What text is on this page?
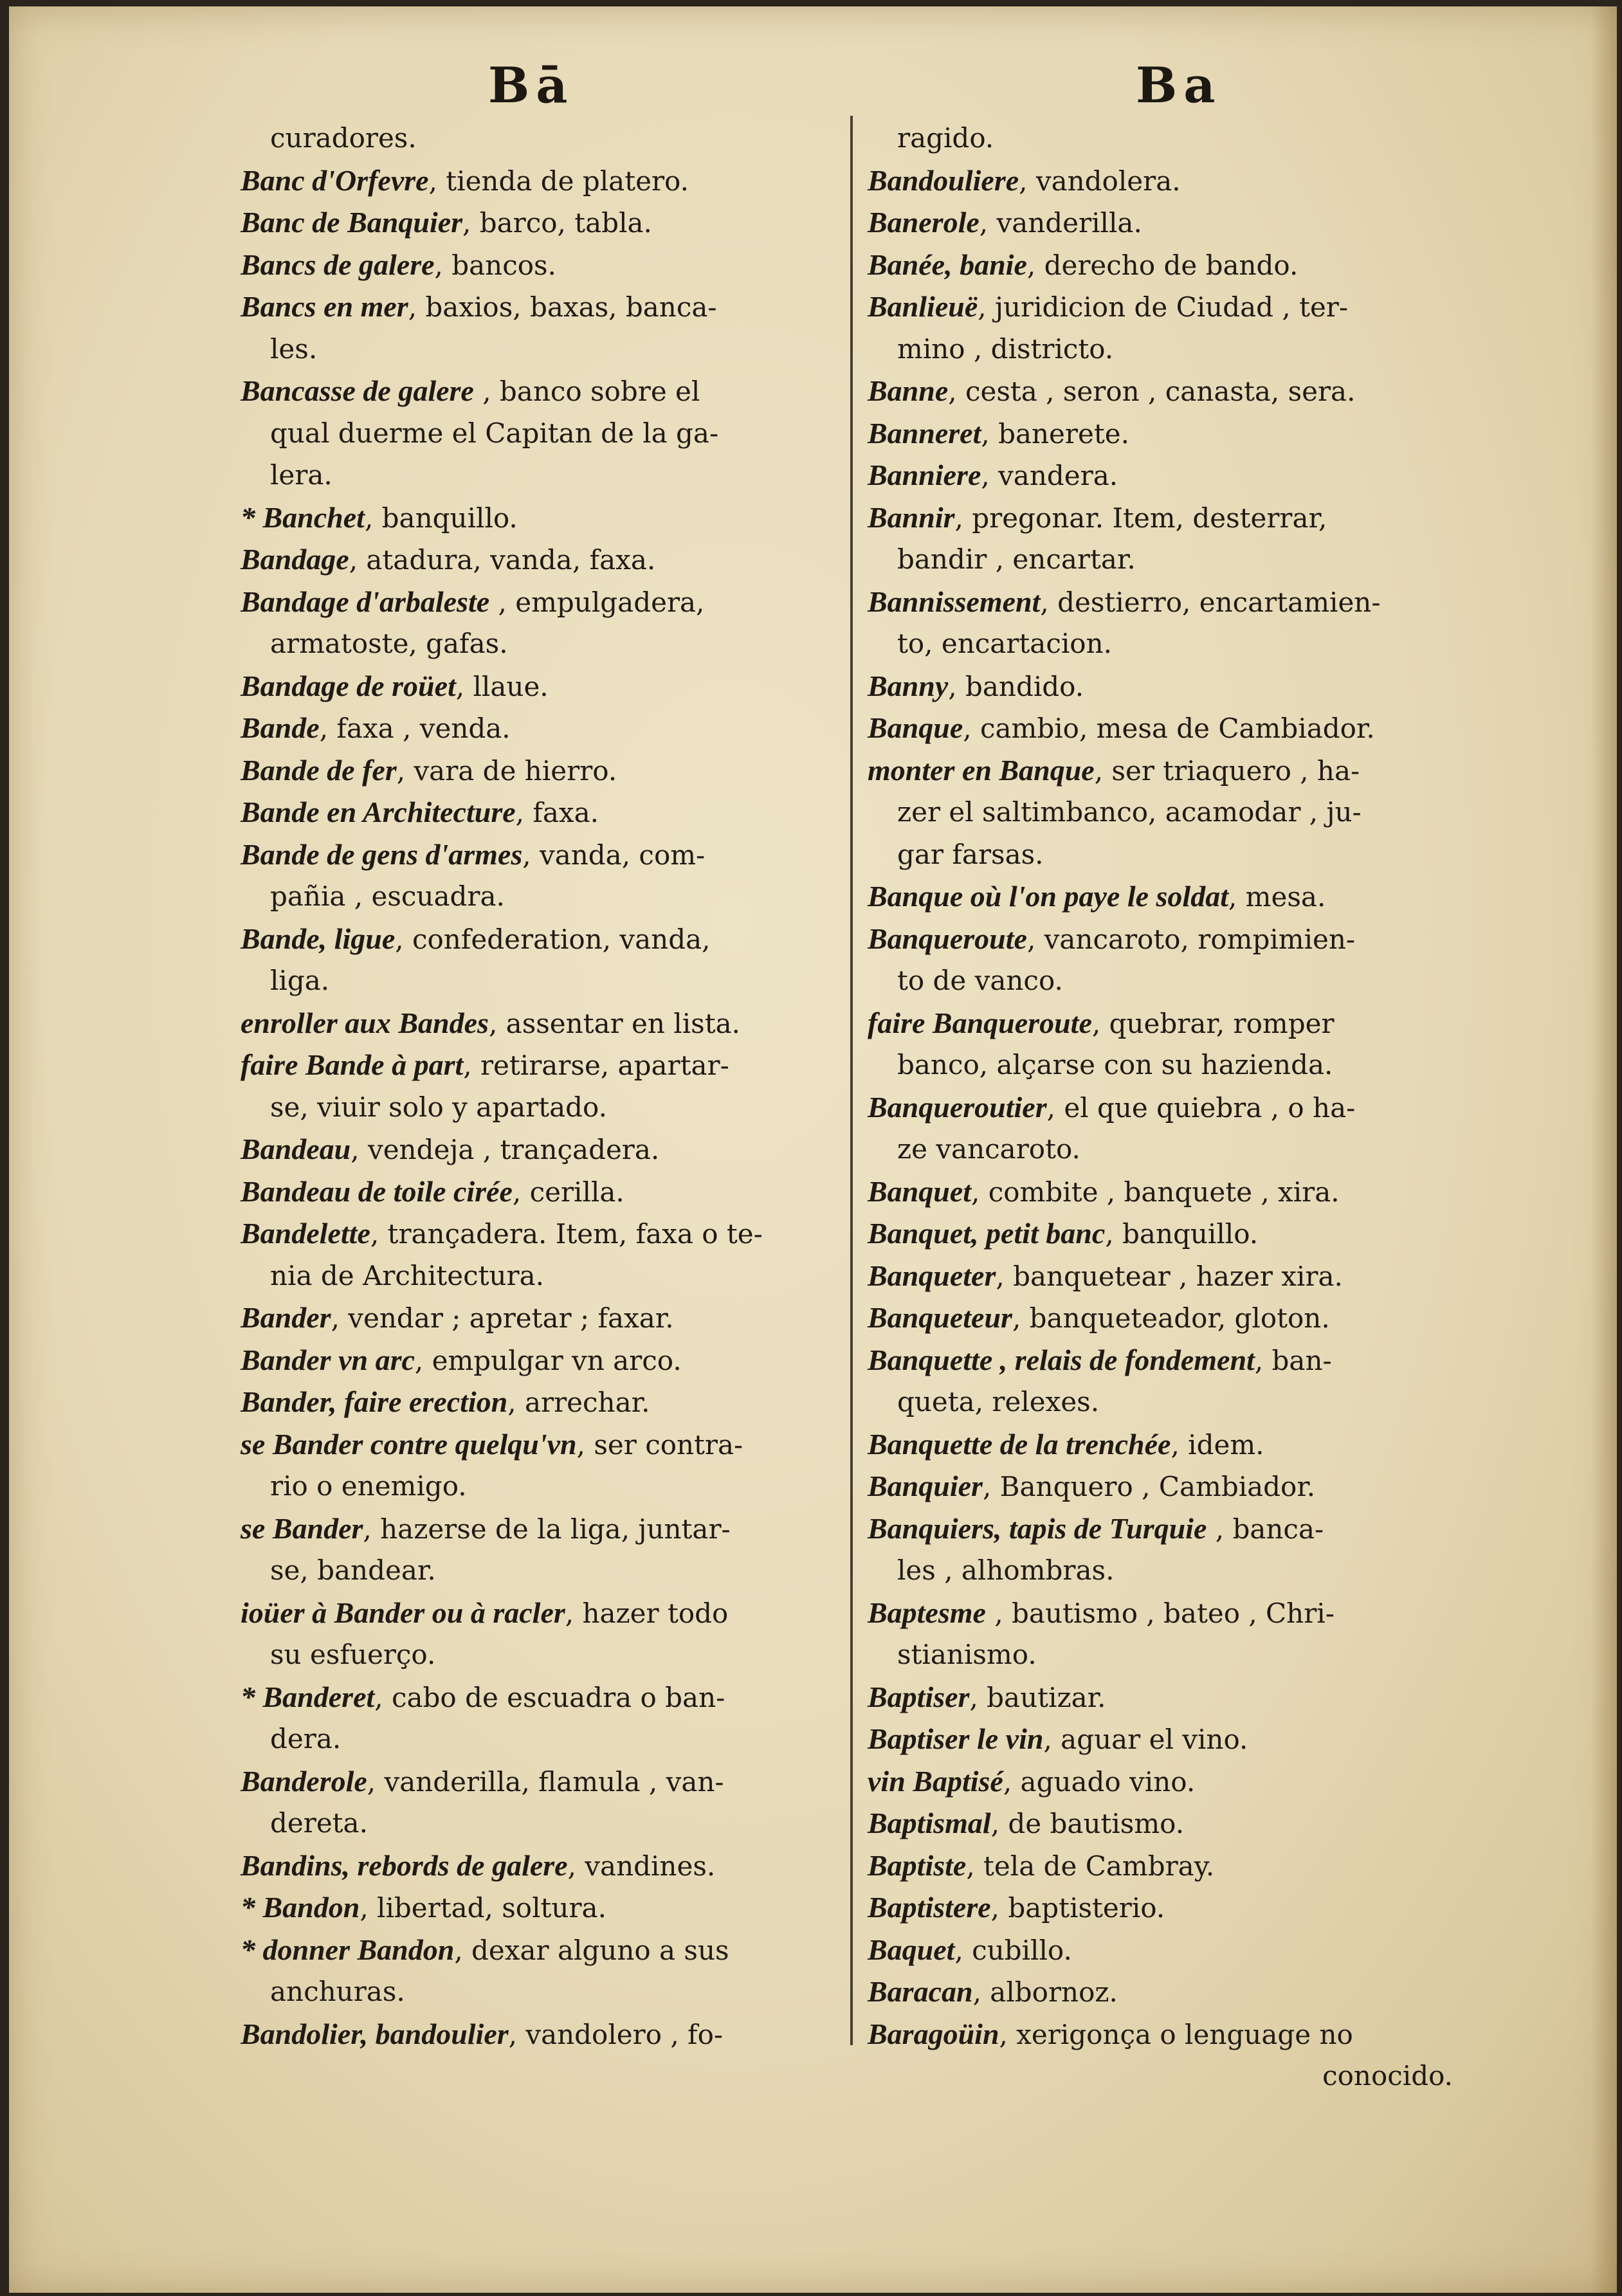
Bā	Ba
curadores.
Banc d'Orfevre, tienda de platero.
Banc de Banquier, barco, tabla.
Bancs de galere, bancos.
Bancs en mer, baxios, baxas, banca-
les.
Bancasse de galere , banco sobre el
qual duerme el Capitan de la ga-
lera.
* Banchet, banquillo.
Bandage, atadura, vanda, faxa.
Bandage d'arbaleste , empulgadera,
armatoste, gafas.
Bandage de roüet, llaue.
Bande, faxa , venda.
Bande de fer, vara de hierro.
Bande en Architecture, faxa.
Bande de gens d'armes, vanda, com-
pañia , escuadra.
Bande, ligue, confederation, vanda,
liga.
enroller aux Bandes, assentar en lista.
faire Bande à part, retirarse, apartar-
se, viuir solo y apartado.
Bandeau, vendeja , trançadera.
Bandeau de toile cirée, cerilla.
Bandelette, trançadera. Item, faxa o te-
nia de Architectura.
Bander, vendar ; apretar ; faxar.
Bander vn arc, empulgar vn arco.
Bander, faire erection, arrechar.
se Bander contre quelqu'vn, ser contra-
rio o enemigo.
se Bander, hazerse de la liga, juntar-
se, bandear.
ioüer à Bander ou à racler, hazer todo
su esfuerço.
* Banderet, cabo de escuadra o ban-
dera.
Banderole, vanderilla, flamula , van-
dereta.
Bandins, rebords de galere, vandines.
* Bandon, libertad, soltura.
* donner Bandon, dexar alguno a sus
anchuras.
Bandolier, bandoulier, vandolero , fo-
ragido.
Bandouliere, vandolera.
Banerole, vanderilla.
Banée, banie, derecho de bando.
Banlieuë, juridicion de Ciudad , ter-
mino , districto.
Banne, cesta , seron , canasta, sera.
Banneret, banerete.
Banniere, vandera.
Bannir, pregonar. Item, desterrar,
bandir , encartar.
Bannissement, destierro, encartamien-
to, encartacion.
Banny, bandido.
Banque, cambio, mesa de Cambiador.
monter en Banque, ser triaquero , ha-
zer el saltimbanco, acamodar , ju-
gar farsas.
Banque où l'on paye le soldat, mesa.
Banqueroute, vancaroto, rompimien-
to de vanco.
faire Banqueroute, quebrar, romper
banco, alçarse con su hazienda.
Banqueroutier, el que quiebra , o ha-
ze vancaroto.
Banquet, combite , banquete , xira.
Banquet, petit banc, banquillo.
Banqueter, banquetear , hazer xira.
Banqueteur, banqueteador, gloton.
Banquette , relais de fondement, ban-
queta, relexes.
Banquette de la trenchée, idem.
Banquier, Banquero , Cambiador.
Banquiers, tapis de Turquie , banca-
les , alhombras.
Baptesme , bautismo , bateo , Chri-
stianismo.
Baptiser, bautizar.
Baptiser le vin, aguar el vino.
vin Baptisé, aguado vino.
Baptismal, de bautismo.
Baptiste, tela de Cambray.
Baptistere, baptisterio.
Baquet, cubillo.
Baracan, albornoz.
Baragoüin, xerigonça o lenguage no
conocido.
